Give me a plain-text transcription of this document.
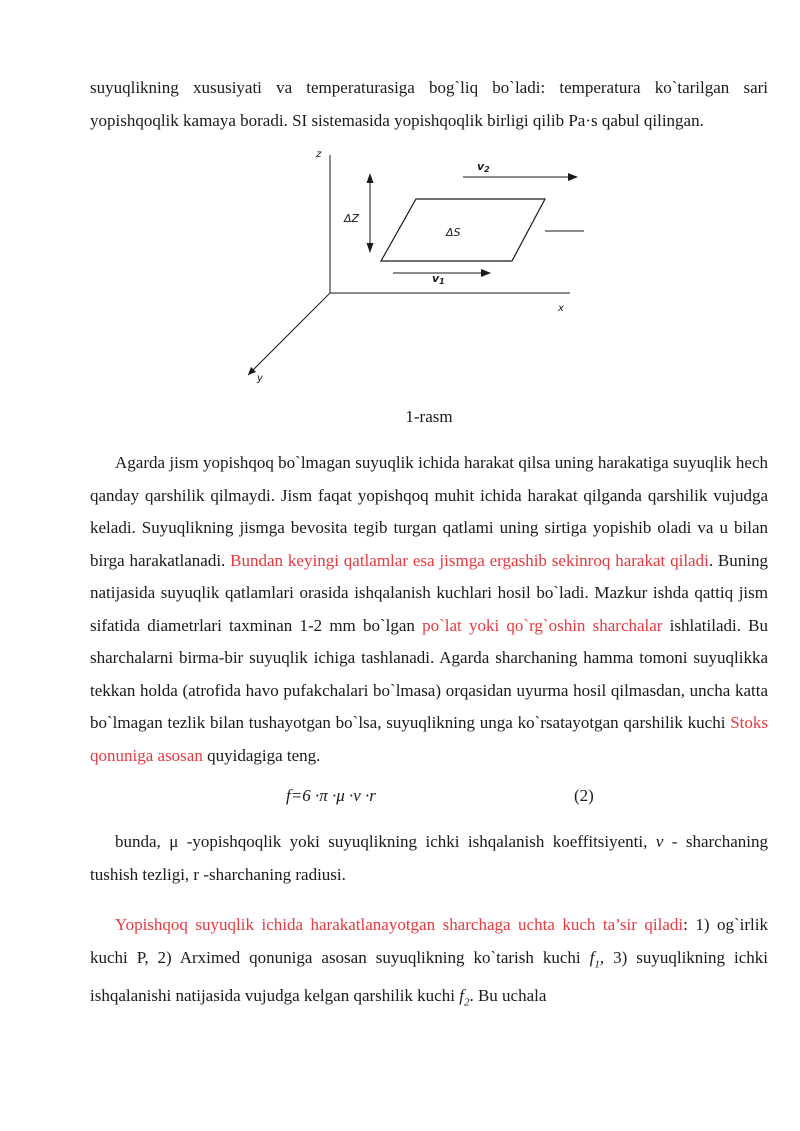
suyuqlikning xususiyati va temperaturasiga bog`liq bo`ladi: temperatura ko`tarilgan sari yopishqoqlik kamaya boradi. SI sistemasida yopishqoqlik birligi qilib Pa·s qabul qilingan.

z
x
y
ΔS
v2
v1
ΔZ
1-rasm

Agarda jism yopishqoq bo`lmagan suyuqlik ichida harakat qilsa uning harakatiga suyuqlik hech qanday qarshilik qilmaydi. Jism faqat yopishqoq muhit ichida harakat qilganda qarshilik vujudga keladi. Suyuqlikning jismga bevosita tegib turgan qatlami uning sirtiga yopishib oladi va u bilan birga harakatlanadi. Bundan keyingi qatlamlar esa jismga ergashib sekinroq harakat qiladi. Buning natijasida suyuqlik qatlamlari orasida ishqalanish kuchlari hosil bo`ladi. Mazkur ishda qattiq jism sifatida diametrlari taxminan 1-2 mm bo`lgan po`lat yoki qo`rg`oshin sharchalar ishlatiladi. Bu sharchalarni birma-bir suyuqlik ichiga tashlanadi. Agarda sharchaning hamma tomoni suyuqlikka tekkan holda (atrofida havo pufakchalari bo`lmasa) orqasidan uyurma hosil qilmasdan, uncha katta bo`lmagan tezlik bilan tushayotgan bo`lsa, suyuqlikning unga ko`rsatayotgan qarshilik kuchi Stoks qonuniga asosan quyidagiga teng.

f=6 ·π ·μ ·v ·r	(2)

bunda, μ -yopishqoqlik yoki suyuqlikning ichki ishqalanish koeffitsiyenti, v - sharchaning tushish tezligi, r -sharchaning radiusi.

Yopishqoq suyuqlik ichida harakatlanayotgan sharchaga uchta kuch ta’sir qiladi: 1) og`irlik kuchi P, 2) Arximed qonuniga asosan suyuqlikning ko`tarish kuchi $f_1$, 3) suyuqlikning ichki ishqalanishi natijasida vujudga kelgan qarshilik kuchi $f_2$. Bu uchala
